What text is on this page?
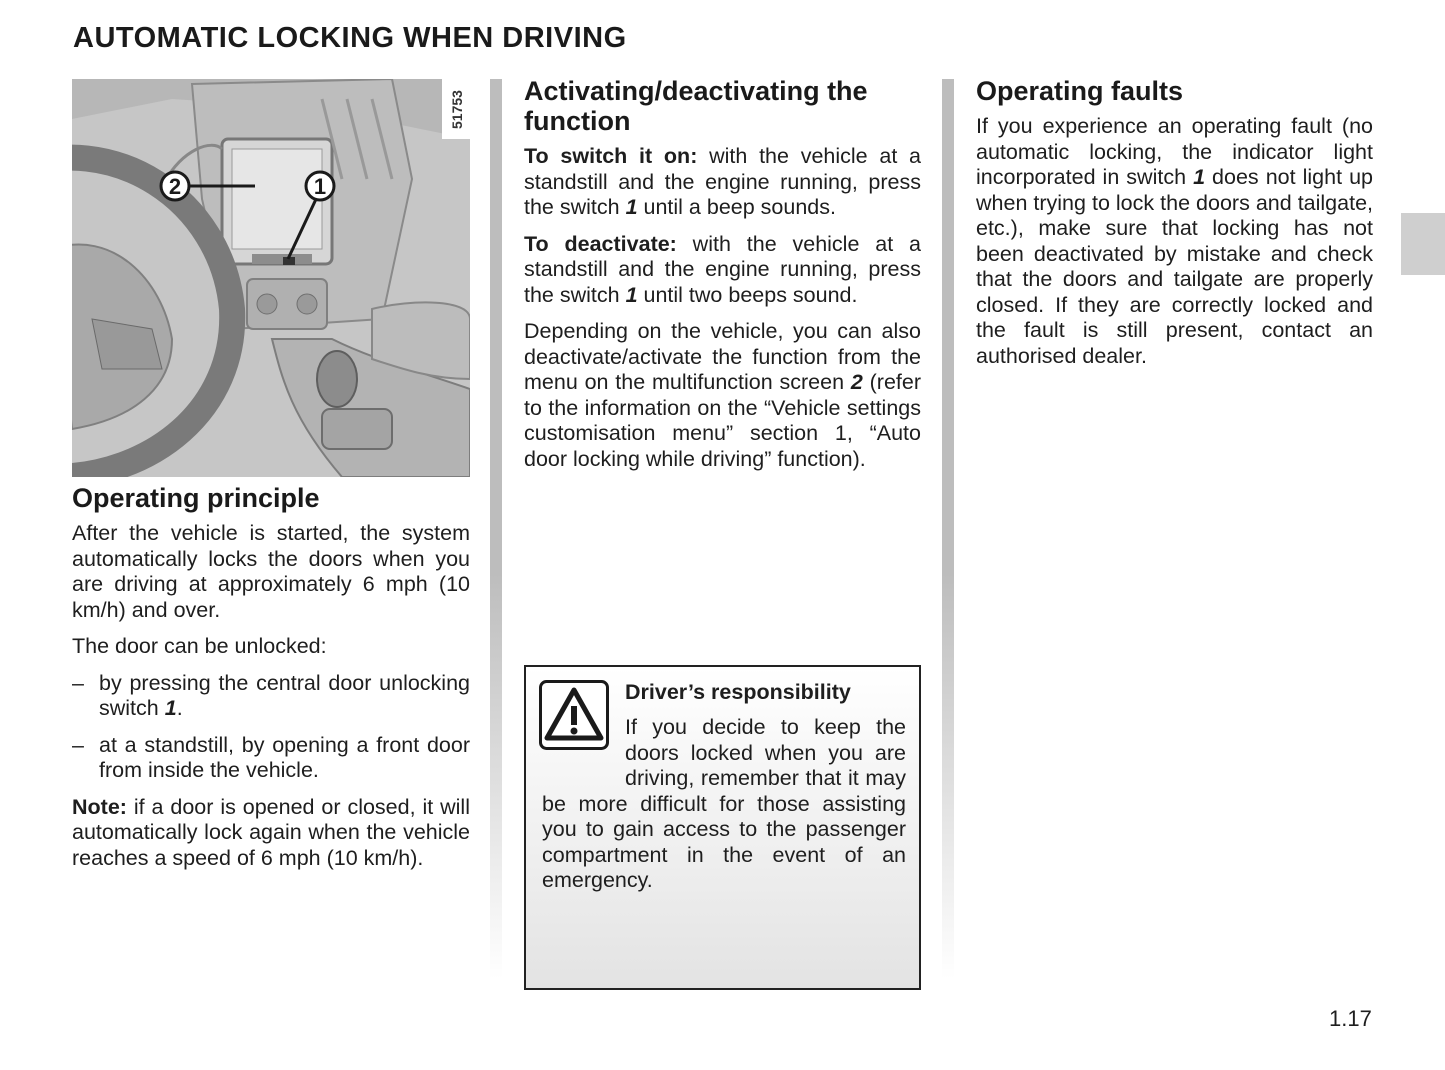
AUTOMATIC LOCKING WHEN DRIVING
2	1
51753
Operating principle

After the vehicle is started, the system automatically locks the doors when you are driving at approximately 6 mph (10 km/h) and over.

The door can be unlocked:

– by pressing the central door unlocking switch 1.
– at a standstill, by opening a front door from inside the vehicle.

Note: if a door is opened or closed, it will automatically lock again when the vehicle reaches a speed of 6 mph (10 km/h).

Activating/deactivating the function

To switch it on: with the vehicle at a standstill and the engine running, press the switch 1 until a beep sounds.

To deactivate: with the vehicle at a standstill and the engine running, press the switch 1 until two beeps sound.

Depending on the vehicle, you can also deactivate/activate the function from the menu on the multifunction screen 2 (refer to the information on the “Vehicle settings customisation menu” section 1, “Auto door locking while driving” function).

Driver’s responsibility

If you decide to keep the doors locked when you are driving, remember that it may be more difficult for those assisting you to gain access to the passenger compartment in the event of an emergency.

Operating faults

If you experience an operating fault (no automatic locking, the indicator light incorporated in switch 1 does not light up when trying to lock the doors and tailgate, etc.), make sure that locking has not been deactivated by mistake and check that the doors and tailgate are properly closed. If they are correctly locked and the fault is still present, contact an authorised dealer.

1.17
